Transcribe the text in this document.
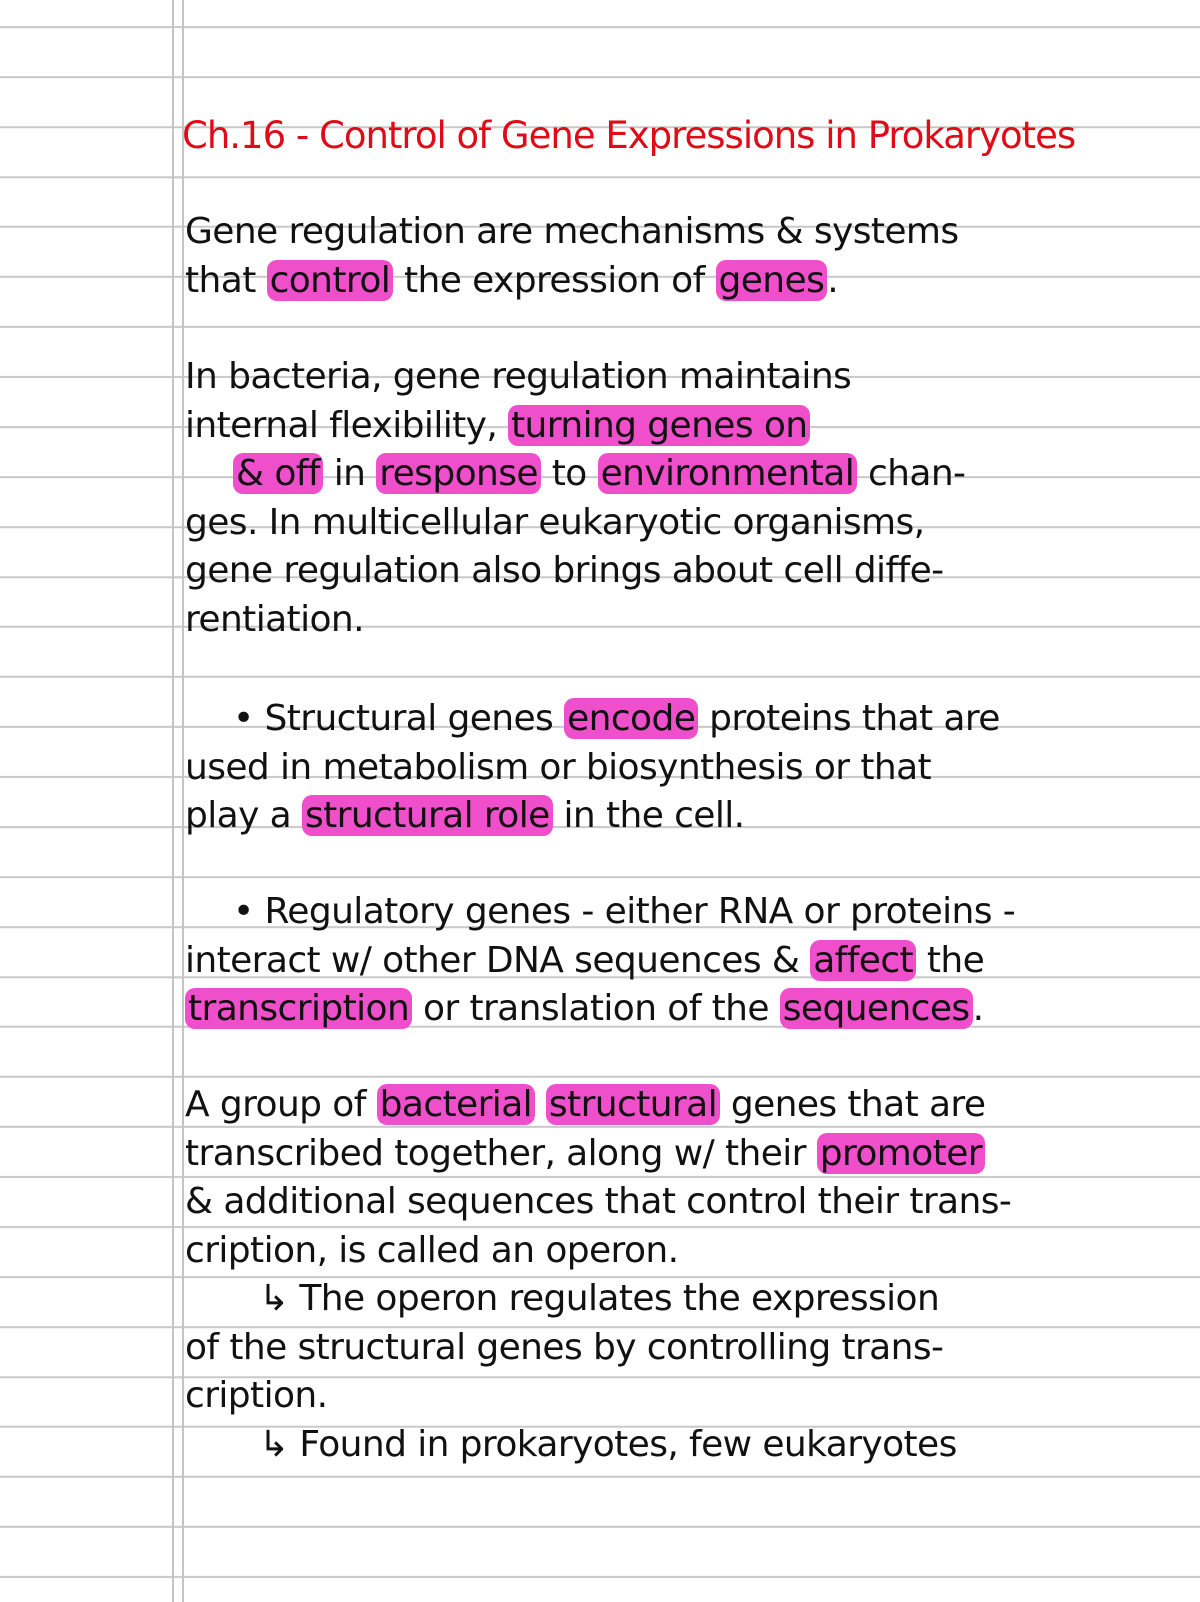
Ch.16 - Control of Gene Expressions in Prokaryotes
Gene regulation are mechanisms & systems
that control the expression of genes.
In bacteria, gene regulation maintains
internal flexibility, turning genes on
& off in response to environmental chan-
ges. In multicellular eukaryotic organisms,
gene regulation also brings about cell diffe-
rentiation.
• Structural genes encode proteins that are
used in metabolism or biosynthesis or that
play a structural role in the cell.
• Regulatory genes - either RNA or proteins -
interact w/ other DNA sequences & affect the
transcription or translation of the sequences.
A group of bacterial structural genes that are
transcribed together, along w/ their promoter
& additional sequences that control their trans-
cription, is called an operon.
↳ The operon regulates the expression
of the structural genes by controlling trans-
cription.
↳ Found in prokaryotes, few eukaryotes
